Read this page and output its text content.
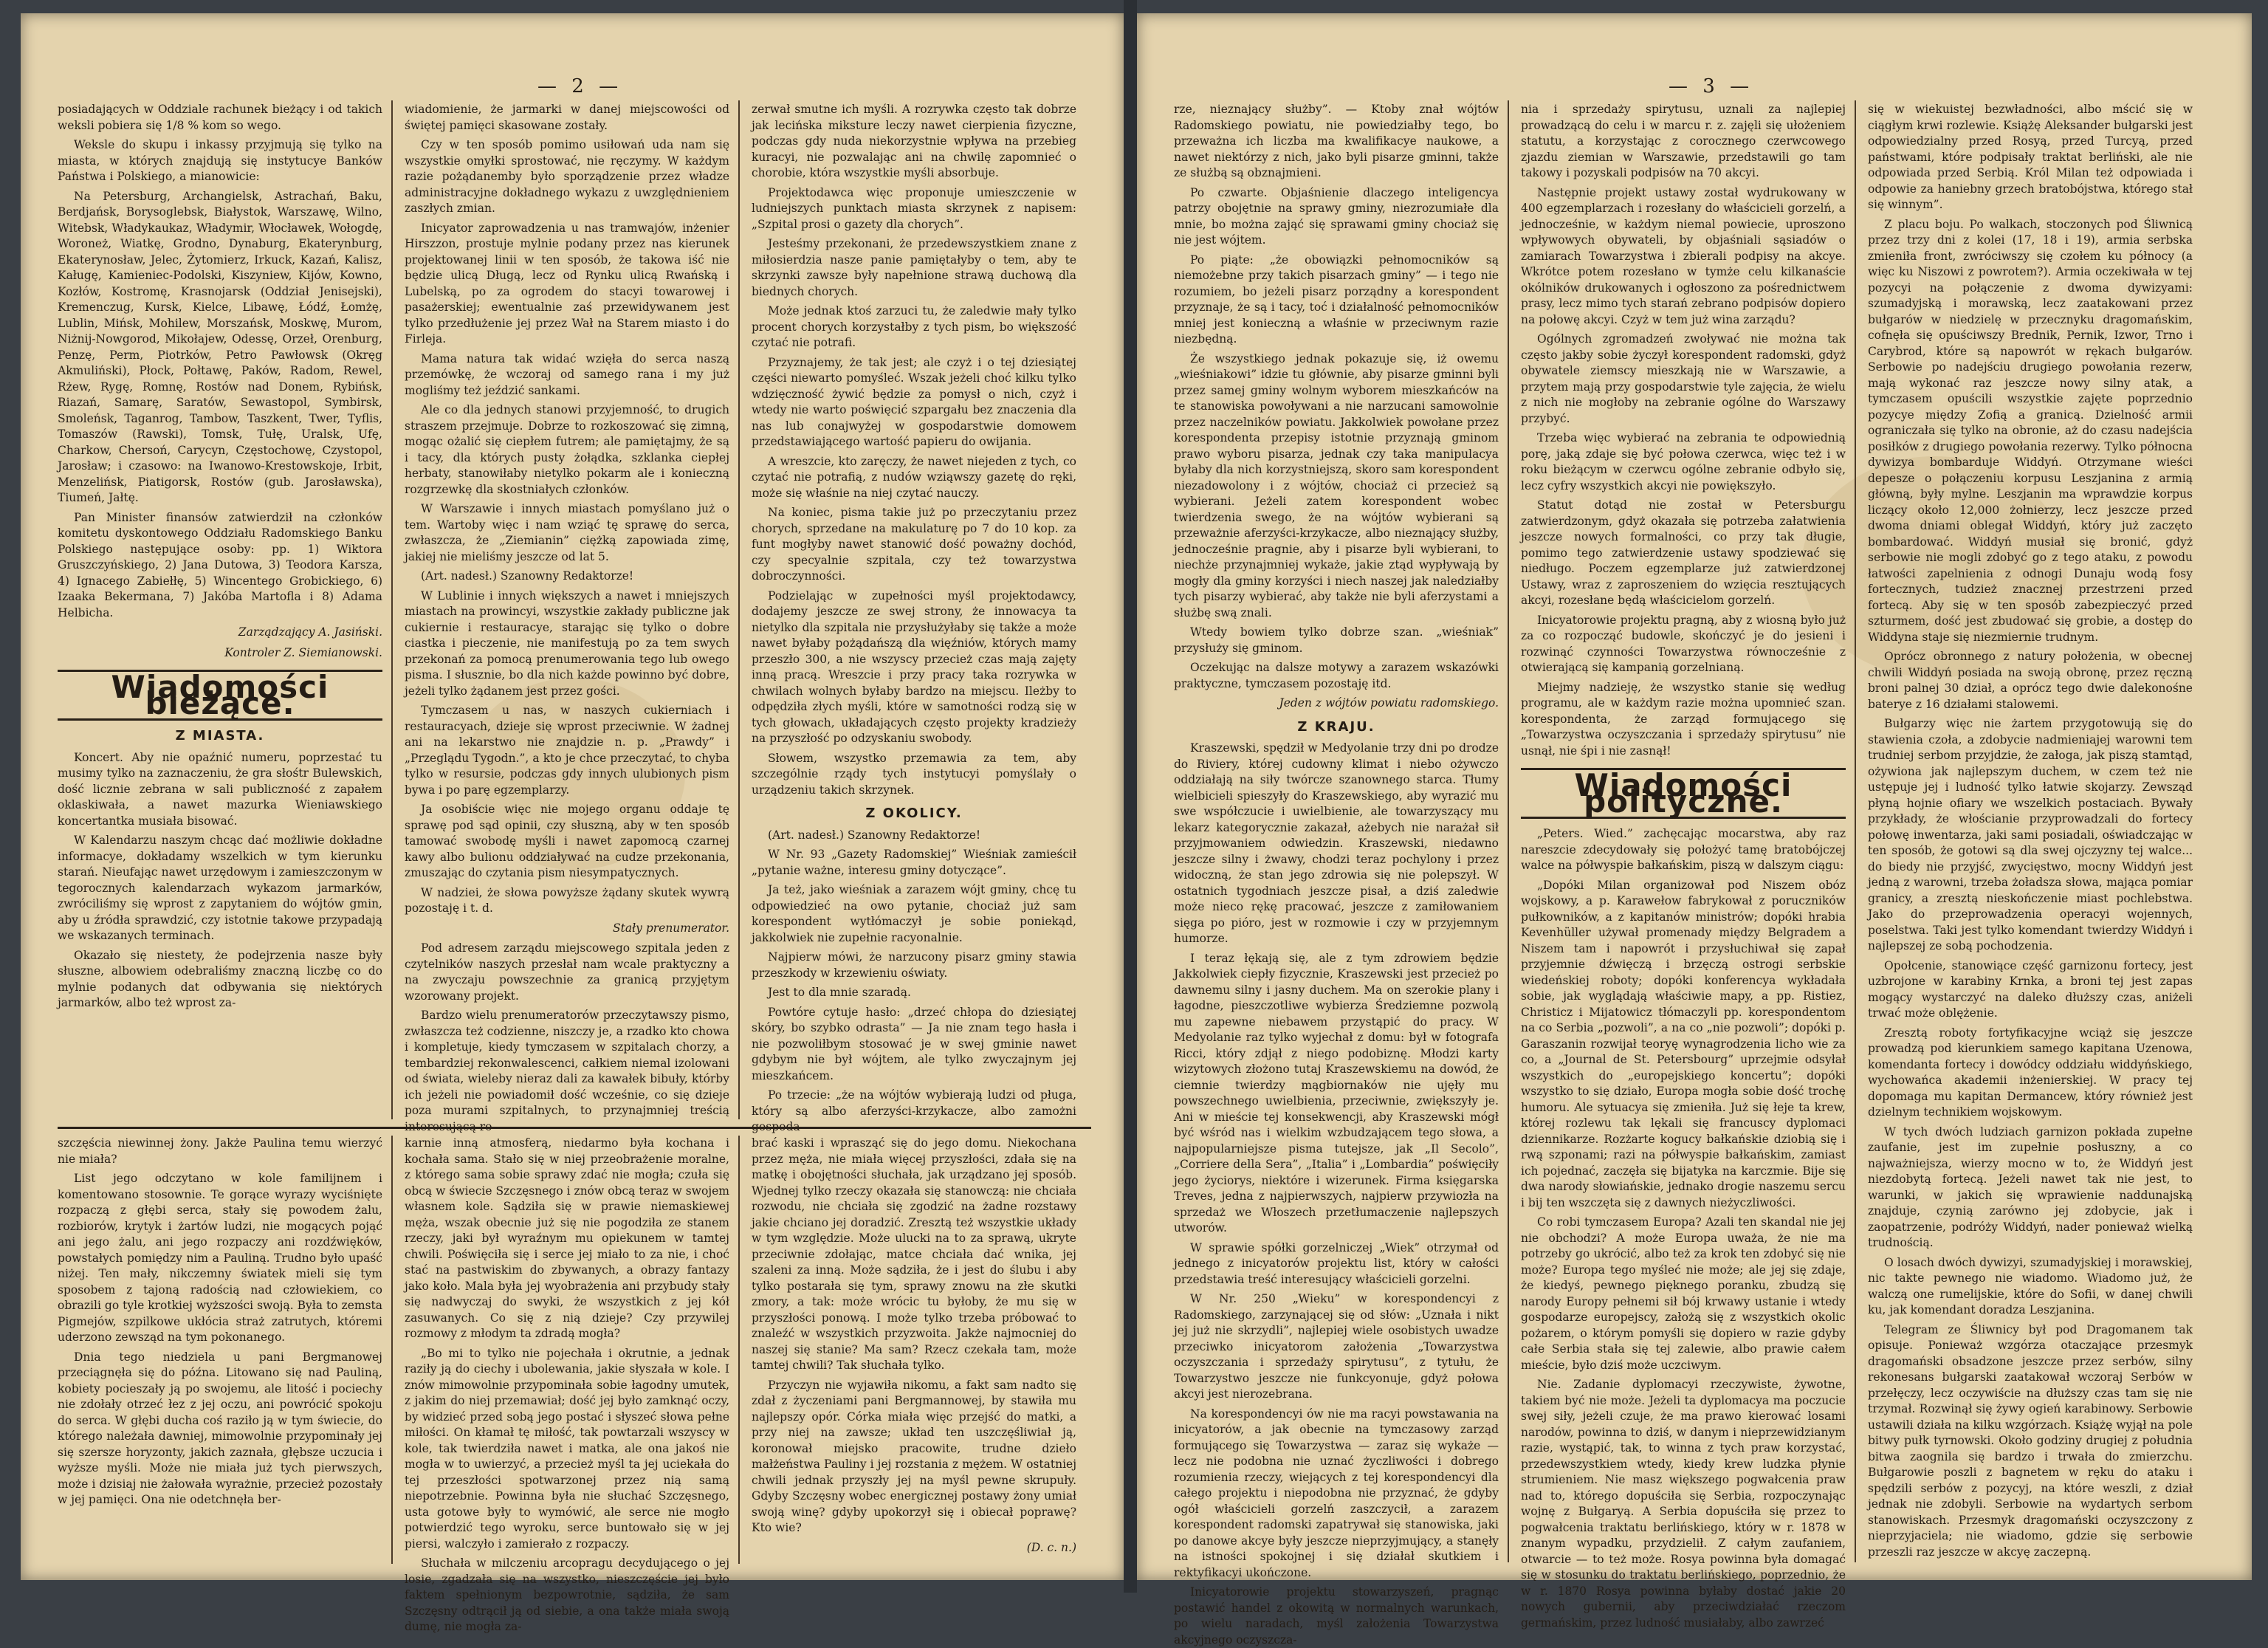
— 2 —

posiadających w Oddziale rachunek bieżący i od takich weksli pobiera się 1/8 % kom so wego.

Weksle do skupu i inkassy przyjmują się tylko na miasta, w których znajdują się instytucye Banków Państwa i Polskiego, a mianowicie:

Na Petersburg, Archangielsk, Astrachań, Baku, Berdjańsk, Borysoglebsk, Białystok, Warszawę, Wilno, Witebsk, Władykaukaz, Władymir, Włocławek, Wołogdę, Woroneż, Wiatkę, Grodno, Dynaburg, Ekaterynburg, Ekaterynosław, Jelec, Żytomierz, Irkuck, Kazań, Kalisz, Kaługę, Kamieniec-Podolski, Kiszyniew, Kijów, Kowno, Kozłów, Kostromę, Krasnojarsk (Oddział Jenisejski), Kremenczug, Kursk, Kielce, Libawę, Łódź, Łomżę, Lublin, Mińsk, Mohilew, Morszańsk, Moskwę, Murom, Niżnij-Nowgorod, Mikołajew, Odessę, Orzeł, Orenburg, Penzę, Perm, Piotrków, Petro Pawłowsk (Okręg Akmuliński), Płock, Połtawę, Paków, Radom, Rewel, Rżew, Rygę, Romnę, Rostów nad Donem, Rybińsk, Riazań, Samarę, Saratów, Sewastopol, Symbirsk, Smoleńsk, Taganrog, Tambow, Taszkent, Twer, Tyflis, Tomaszów (Rawski), Tomsk, Tułę, Uralsk, Ufę, Charkow, Chersoń, Carycyn, Częstochowę, Czystopol, Jarosław; i czasowo: na Iwanowo-Krestowskoje, Irbit, Menzelińsk, Piatigorsk, Rostów (gub. Jarosławska), Tiumeń, Jałtę.

Pan Minister finansów zatwierdził na członków komitetu dyskontowego Oddziału Radomskiego Banku Polskiego następujące osoby: pp. 1) Wiktora Gruszczyńskiego, 2) Jana Dutowa, 3) Teodora Karsza, 4) Ignacego Zabiełłę, 5) Wincentego Grobickiego, 6) Izaaka Bekermana, 7) Jakóba Martofla i 8) Adama Helbicha.

Zarządzający A. Jasiński.
Kontroler Z. Siemianowski.
Wiadomości bieżące.
Z MIASTA.

Koncert. Aby nie opaźnić numeru, poprzestać tu musimy tylko na zaznaczeniu, że gra słośtr Bulewskich, dość licznie zebrana w sali publiczność z zapałem oklaskiwała, a nawet mazurka Wieniawskiego koncertantka musiała bisować.

W Kalendarzu naszym chcąc dać możliwie dokładne informacye, dokładamy wszelkich w tym kierunku starań. Nieufając nawet urzędowym i zamieszczonym w tegorocznych kalendarzach wykazom jarmarków, zwróciliśmy się wprost z zapytaniem do wójtów gmin, aby u źródła sprawdzić, czy istotnie takowe przypadają we wskazanych terminach.

Okazało się niestety, że podejrzenia nasze były słuszne, albowiem odebraliśmy znaczną liczbę co do mylnie podanych dat odbywania się niektórych jarmarków, albo też wprost za-

wiadomienie, że jarmarki w danej miejscowości od świętej pamięci skasowane zostały.

Czy w ten sposób pomimo usiłowań uda nam się wszystkie omyłki sprostować, nie ręczymy. W każdym razie pożądanemby było sporządzenie przez władze administracyjne dokładnego wykazu z uwzględnieniem zaszłych zmian.

Inicyator zaprowadzenia u nas tramwajów, inżenier Hirszzon, prostuje mylnie podany przez nas kierunek projektowanej linii w ten sposób, że takowa iść nie będzie ulicą Długą, lecz od Rynku ulicą Rwańską i Lubelską, po za ogrodem do stacyi towarowej i pasażerskiej; ewentualnie zaś przewidywanem jest tylko przedłużenie jej przez Wał na Starem miasto i do Firleja.

Mama natura tak widać wzięła do serca naszą przemówkę, że wczoraj od samego rana i my już mogliśmy też jeździć sankami.

Ale co dla jednych stanowi przyjemność, to drugich straszem przejmuje. Dobrze to rozkoszować się zimną, mogąc ożalić się ciepłem futrem; ale pamiętajmy, że są i tacy, dla których pusty żołądka, szklanka ciepłej herbaty, stanowiłaby nietylko pokarm ale i konieczną rozgrzewkę dla skostniałych członków.

W Warszawie i innych miastach pomyślano już o tem. Wartoby więc i nam wziąć tę sprawę do serca, zwłaszcza, że „Ziemianin” ciężką zapowiada zimę, jakiej nie mieliśmy jeszcze od lat 5.

(Art. nadesł.) Szanowny Redaktorze!

W Lublinie i innych większych a nawet i mniejszych miastach na prowincyi, wszystkie zakłady publiczne jak cukiernie i restauracye, starając się tylko o dobre ciastka i pieczenie, nie manifestują po za tem swych przekonań za pomocą prenumerowania tego lub owego pisma. I słusznie, bo dla nich każde powinno być dobre, jeżeli tylko żądanem jest przez gości.

Tymczasem u nas, w naszych cukierniach i restauracyach, dzieje się wprost przeciwnie. W żadnej ani na lekarstwo nie znajdzie n. p. „Prawdy” i „Przeglądu Tygodn.”, a kto je chce przeczytać, to chyba tylko w resursie, podczas gdy innych ulubionych pism bywa i po parę egzemplarzy.

Ja osobiście więc nie mojego organu oddaje tę sprawę pod sąd opinii, czy słuszną, aby w ten sposób tamować swobodę myśli i nawet zapomocą czarnej kawy albo bulionu oddziaływać na cudze przekonania, zmuszając do czytania pism niesympatycznych.

W nadziei, że słowa powyższe żądany skutek wywrą pozostaję i t. d.

Stały prenumerator.

Pod adresem zarządu miejscowego szpitala jeden z czytelników naszych przesłał nam wcale praktyczny a na zwyczaju powszechnie za granicą przyjętym wzorowany projekt.

Bardzo wielu prenumeratorów przeczytawszy pismo, zwłaszcza też codzienne, niszczy je, a rzadko kto chowa i kompletuje, kiedy tymczasem w szpitalach chorzy, a tembardziej rekonwalescenci, całkiem niemal izolowani od świata, wieleby nieraz dali za kawałek bibuły, którby ich jeżeli nie powiadomił dość wcześnie, co się dzieje poza murami szpitalnych, to przynajmniej treścią

zerwał smutne ich myśli. A rozrywka często tak dobrze jak lecińska miksture leczy nawet cierpienia fizyczne, podczas gdy nuda niekorzystnie wpływa na przebieg kuracyi, nie pozwalając ani na chwilę zapomnieć o chorobie, która wszystkie myśli absorbuje.

Projektodawca więc proponuje umieszczenie w ludniejszych punktach miasta skrzynek z napisem: „Szpital prosi o gazety dla chorych”.

Jesteśmy przekonani, że przedewszystkiem znane z miłosierdzia nasze panie pamiętałyby o tem, aby te skrzynki zawsze były napełnione strawą duchową dla biednych chorych.

Może jednak ktoś zarzuci tu, że zaledwie mały tylko procent chorych korzystałby z tych pism, bo większość czytać nie potrafi.

Przyznajemy, że tak jest; ale czyż i o tej dziesiątej części niewarto pomyśleć. Wszak jeżeli choć kilku tylko wdzięczność żywić będzie za pomysł o nich, czyż i wtedy nie warto poświęcić szpargału bez znaczenia dla nas lub conajwyżej w gospodarstwie domowem przedstawiającego wartość papieru do owijania.

A wreszcie, kto zaręczy, że nawet niejeden z tych, co czytać nie potrafią, z nudów wziąwszy gazetę do ręki, może się właśnie na niej czytać nauczy.

Na koniec, pisma takie już po przeczytaniu przez chorych, sprzedane na makulaturę po 7 do 10 kop. za funt mogłyby nawet stanowić dość poważny dochód, czy specyalnie szpitala, czy też towarzystwa dobroczynności.

Podzielając w zupełności myśl projektodawcy, dodajemy jeszcze ze swej strony, że innowacya ta nietylko dla szpitala nie przysłużyłaby się także a może nawet byłaby pożądańszą dla więźniów, których mamy przeszło 300, a nie wszyscy przecież czas mają zajęty inną pracą. Wreszcie i przy pracy taka rozrywka w chwilach wolnych byłaby bardzo na miejscu. Ileżby to odpędziła złych myśli, które w samotności rodzą się w tych głowach, układających często projekty kradzieży na przyszłość po odzyskaniu swobody.

Słowem, wszystko przemawia za tem, aby szczególnie rządy tych instytucyi pomyślały o urządzeniu takich skrzynek.

Z OKOLICY.

(Art. nadesł.) Szanowny Redaktorze!

W Nr. 93 „Gazety Radomskiej” Wieśniak zamieścił „pytanie ważne, interesu gminy dotyczące”.

Ja też, jako wieśniak a zarazem wójt gminy, chcę tu odpowiedzieć na owo pytanie, chociaż już sam korespondent wytłómaczył je sobie poniekąd, jakkolwiek nie zupełnie racyonalnie.

Najpierw mówi, że narzucony pisarz gminy stawia przeszkody w krzewieniu oświaty.

Jest to dla mnie szaradą.

Powtóre cytuje hasło: „drzeć chłopa do dziesiątej skóry, bo szybko odrasta” — Ja nie znam tego hasła i nie pozwoliłbym stosować je w swej gminie nawet gdybym nie był wójtem, ale tylko zwyczajnym jej mieszkańcem.

Po trzecie: „że na wójtów wybierają ludzi od pługa, który są albo aferzyści-krzykacze, albo zamożni

szczęścia niewinnej żony. Jakże Paulina temu wierzyć nie miała?

List jego odczytano w kole familijnem i komentowano stosownie. Te gorące wyrazy wyciśnięte rozpaczą z głębi serca, stały się powodem żalu, rozbiorów, krytyk i żartów ludzi, nie mogących pojąć ani jego żalu, ani jego rozpaczy ani rozdźwięków, powstałych pomiędzy nim a Pauliną. Trudno było upaść niżej. Ten mały, nikczemny światek mieli się tym sposobem z tajoną radością nad człowiekiem, co obrazili go tyle krotkiej wyższości swoją. Była to zemsta Pigmejów, szpilkowe ukłócia straż zatrutych, któremi uderzono zewsząd na tym pokonanego.

Dnia tego niedziela u pani Bergmanowej przeciągnęła się do późna. Litowano się nad Pauliną, kobiety pocieszały ją po swojemu, ale litość i pociechy nie zdołały otrzeć łez z jej oczu, ani powrócić spokoju do serca. W głębi ducha coś raziło ją w tym świecie, do którego należała dawniej, mimowolnie przypominały jej się szersze horyzonty, jakich zaznała, głębsze uczucia i wyższe myśli. Może nie miała już tych pierwszych, może i dzisiaj nie żałowała wyrażnie, przecież pozostały w jej pamięci. Ona nie odetchnęła ber-

karnie inną atmosferą, niedarmo była kochana i kochała sama. Stało się w niej przeobrażenie moralne, z którego sama sobie sprawy zdać nie mogła; czuła się obcą w świecie Szczęsnego i znów obcą teraz w swojem własnem kole. Sądziła się w prawie niemaskiewej męża, wszak obecnie już się nie pogodziła ze stanem rzeczy, jaki był wyraźnym mu opiekunem w tamtej chwili. Poświęciła się i serce jej miało to za nie, i choć stać na pastwiskim do zbywanych, a obrazy fantazy jako koło. Mala była jej wyobrażenia ani przybudy stały się nadwyczaj do swyki, że wszystkich z jej kół zasuwanych. Co się z nią dzieje? Czy przywilej rozmowy z młodym ta zdradą mogła?

„Bo mi to tylko nie pojechała i okrutnie, a jednak raziły ją do ciechy i ubolewania, jakie słyszała w kole. I znów mimowolnie przypominała sobie łagodny umutek, z jakim do niej przemawiał; dość jej było zamknąć oczy, by widzieć przed sobą jego postać i słyszeć słowa pełne miłości. On kłamał tę miłość, tak powtarzali wszyscy w kole, tak twierdziła nawet i matka, ale ona jakoś nie mogła w to uwierzyć, a przecież myśl ta jej uciekała do tej przeszłości spotwarzonej przez nią samą niepotrzebnie. Powinna była nie słuchać Szczęsnego, usta gotowe były to wymówić, ale serce nie mogło potwierdzić tego wyroku, serce buntowało się w jej piersi, walczyło i zamierało z rozpaczy.

Słuchała w milczeniu arcopragu decydującego o jej losie, zgadzała się na wszystko, nieszczęście jej było faktem spełnionym bezpowrotnie, sądziła, że sam Szczęsny odtrącił ją od siebie, a ona także miała swoją dumę, nie mogła za-

brać kaski i wprasząć się do jego domu. Niekochana przez męża, nie miała więcej przyszłości, zdała się na matkę i obojętności słuchała, jak urządzano jej sposób. Wjednej tylko rzeczy okazała się stanowczą: nie chciała rozwodu, nie chciała się zgodzić na żadne rozstawy jakie chciano jej doradzić. Zresztą też wszystkie układy w tym względzie. Może ulucki na to za sprawą, ukryte przeciwnie zdołając, matce chciała dać wnika, jej szaleni za inną. Może sądziła, że i jest do ślubu i aby tylko postarała się tym, sprawy znowu na złe skutki zmory, a tak: może wrócic tu byłoby, że mu się w przyszłości ponową. I może tylko trzeba próbować to znaleźć w wszystkich przyzwoita. Jakże najmocniej do naszej się stanie? Ma sam? Rzecz czekała tam, może tamtej chwili? Tak słuchała tylko.

Przyczyn nie wyjawiła nikomu, a fakt sam nadto się zdał z życzeniami pani Bergmannowej, by stawiła mu najlepszy opór. Córka miała więc przejść do matki, a przy niej na zawsze; układ ten uszczęśliwiał ją, koronował miejsko pracowite, trudne dzieło małżeństwa Pauliny i jej rozstania z mężem. W ostatniej chwili jednak przyszły jej na myśl pewne skrupuły. Gdyby Szczęsny wobec energicznej postawy żony umiał swoją winę? gdyby upokorzył się i obiecał poprawę? Kto wie?

(D. c. n.)
— 3 —

rze, nieznający służby”. — Ktoby znał wójtów Radomskiego powiatu, nie powiedziałby tego, bo przeważna ich liczba ma kwalifikacye naukowe, a nawet niektórzy z nich, jako byli pisarze gminni, także ze służbą są obznajmieni.

Po czwarte. Objaśnienie dlaczego inteligencya patrzy obojętnie na sprawy gminy, niezrozumiałe dla mnie, bo można zająć się sprawami gminy chociaż się nie jest wójtem.

Po piąte: „że obowiązki pełnomocników są niemożebne przy takich pisarzach gminy” — i tego nie rozumiem, bo jeżeli pisarz porządny a korespondent przyznaje, że są i tacy, toć i działalność pełnomocników mniej jest konieczną a właśnie w przeciwnym razie niezbędną.

Że wszystkiego jednak pokazuje się, iż owemu „wieśniakowi” idzie tu głównie, aby pisarze gminni byli przez samej gminy wolnym wyborem mieszkańców na te stanowiska powoływani a nie narzucani samowolnie przez naczelników powiatu. Jakkolwiek powołane przez korespondenta przepisy istotnie przyznają gminom prawo wyboru pisarza, jednak czy taka manipulacya byłaby dla nich korzystniejszą, skoro sam korespondent niezadowolony i z wójtów, chociaż ci przecież są wybierani. Jeżeli zatem korespondent wobec twierdzenia swego, że na wójtów wybierani są przeważnie aferzyści-krzykacze, albo nieznający służby, jednocześnie pragnie, aby i pisarze byli wybierani, to niechże przynajmniej wykaże, jakie ztąd wypływają by mogły dla gminy korzyści i niech naszej jak naledziałby tych pisarzy wybierać, aby także nie byli aferzystami a służbę swą znali.

Wtedy bowiem tylko dobrze szan. „wieśniak” przysłuży się gminom.

Oczekując na dalsze motywy a zarazem wskazówki praktyczne, tymczasem pozostaję itd.

Jeden z wójtów powiatu radomskiego.
Z KRAJU.

Kraszewski, spędził w Medyolanie trzy dni po drodze do Riviery, której cudowny klimat i niebo ożywczo oddziałają na siły twórcze szanownego starca. Tłumy wielbicieli spieszyły do Kraszewskiego, aby wyrazić mu swe współczucie i uwielbienie, ale towarzyszący mu lekarz kategorycznie zakazał, ażebych nie narażał sił przyjmowaniem odwiedzin. Kraszewski, niedawno jeszcze silny i żwawy, chodzi teraz pochylony i przez widoczną, że stan jego zdrowia się nie polepszył. W ostatnich tygodniach jeszcze pisał, a dziś zaledwie może nieco rękę pracować, jeszcze z zamiłowaniem sięga po pióro, jest w rozmowie i czy w przyjemnym humorze.

I teraz łękają się, ale z tym zdrowiem będzie Jakkolwiek ciepły fizycznie, Kraszewski jest przecież po dawnemu silny i jasny duchem. Ma on szerokie plany i łagodne, pieszczotliwe wybierza Średziemne pozwolą mu zapewne niebawem przystąpić do pracy. W Medyolanie raz tylko wyjechał z domu: był w fotografa Ricci, który zdjął z niego podobiznę. Młodzi karty wizytowych złożono tutaj Kraszewskiemu na dowód, że ciemnie twierdzy mągbiornaków nie ujęły mu powszechnego uwielbienia, przeciwnie, zwiększyły je. Ani w mieście tej konsekwencji, aby Kraszewski mógł być wśród nas i wielkim wzbudzającem tego słowa, a najpopularniejsze pisma tutejsze, jak „Il Secolo”, „Corriere della Sera”, „Italia” i „Lombardia” poświęciły jego życiorys, niektóre i wizerunek. Firma księgarska Treves, jedna z najpierwszych, najpierw przywiozła na sprzedaż we Włoszech przetłumaczenie najlepszych utworów.

W sprawie spółki gorzelniczej „Wiek” otrzymał od jednego z inicyatorów projektu list, który w całości przedstawia treść interesujący właścicieli gorzelni.

W Nr. 250 „Wieku” w korespondencyi z Radomskiego, zarzynającej się od słów: „Uznała i nikt jej już nie skrzydli”, najlepiej wiele osobistych uwadze przeciwko inicyatorom założenia „Towarzystwa oczyszczania i sprzedaży spirytusu”, z tytułu, że Towarzystwo jeszcze nie funkcyonuje, gdyż połowa akcyi jest nierozebrana.

Na korespondencyi ów nie ma racyi powstawania na inicyatorów, a jak obecnie na tymczasowy zarząd formującego się Towarzystwa — zaraz się wykaże — lecz nie podobna nie uznać życzliwości i dobrego rozumienia rzeczy, wiejących z tej korespondencyi dla całego projektu i niepodobna nie przyznać, że gdyby ogół właścicieli gorzelń zaszczycił, a zarazem korespondent radomski zapatrywał się stanowiska, jaki po danowe akcye były jeszcze nieprzyjmujący, a stanęły na istności spokojnej i się działał skutkiem i rektyfikacyi ukończone.

Inicyatorowie projektu stowarzyszeń, pragnąc postawić handel z okowitą w normalnych warunkach, po wielu naradach, myśl założenia Towarzystwa akcyjnego oczyszcza-

nia i sprzedaży spirytusu, uznali za najlepiej prowadzącą do celu i w marcu r. z. zajęli się ułożeniem statutu, a korzystając z corocznego czerwcowego zjazdu ziemian w Warszawie, przedstawili go tam takowy i pozyskali podpisów na 70 akcyi.

Następnie projekt ustawy został wydrukowany w 400 egzemplarzach i rozesłany do właścicieli gorzelń, a jednocześnie, w każdym niemal powiecie, uproszono wpływowych obywateli, by objaśniali sąsiadów o zamiarach Towarzystwa i zbierali podpisy na akcye. Wkrótce potem rozesłano w tymże celu kilkanaście okólników drukowanych i ogłoszono za pośrednictwem prasy, lecz mimo tych starań zebrano podpisów dopiero na połowę akcyi. Czyż w tem już wina zarządu?

Ogólnych zgromadzeń zwoływać nie można tak często jakby sobie życzył korespondent radomski, gdyż obywatele ziemscy mieszkają nie w Warszawie, a przytem mają przy gospodarstwie tyle zajęcia, że wielu z nich nie mogłoby na zebranie ogólne do Warszawy przybyć.

Trzeba więc wybierać na zebrania te odpowiednią porę, jaką zdaje się być połowa czerwca, więc też i w roku bieżącym w czerwcu ogólne zebranie odbyło się, lecz cyfry wszystkich akcyi nie powiększyło.

Statut dotąd nie został w Petersburgu zatwierdzonym, gdyż okazała się potrzeba załatwienia jeszcze nowych formalności, co przy tak długie, pomimo tego zatwierdzenie ustawy spodziewać się niedługo. Poczem egzemplarze już zatwierdzonej Ustawy, wraz z zaproszeniem do wzięcia resztujących akcyi, rozesłane będą właścicielom gorzelń.

Inicyatorowie projektu pragną, aby z wiosną było już za co rozpocząć budowle, skończyć je do jesieni i rozwinąć czynności Towarzystwa równocześnie z otwierającą się kampanią gorzelnianą.

Miejmy nadzieję, że wszystko stanie się według programu, ale w każdym razie można upomnieć szan. korespondenta, że zarząd formującego się „Towarzystwa oczyszczania i sprzedaży spirytusu” nie usnął, nie śpi i nie zasnął!

Wiadomości polityczne.

„Peters. Wied.” zachęcając mocarstwa, aby raz nareszcie zdecydowały się położyć tamę bratobójczej walce na półwyspie bałkańskim, piszą w dalszym ciągu:

„Dopóki Milan organizował pod Niszem obóz wojskowy, a p. Karawełow fabrykował z poruczników pułkowników, a z kapitanów ministrów; dopóki hrabia Kevenhüller używał promenady między Belgradem a Niszem tam i napowrót i przysłuchiwał się zapał przyjemnie dźwięczą i brzęczą ostrogi serbskie wiedeńskiej roboty; dopóki konferencya wykładała sobie, jak wyglądają właściwie mapy, a pp. Ristiez, Christicz i Mijatowicz tłómaczyli pp. korespondentom na co Serbia „pozwoli”, a na co „nie pozwoli”; dopóki p. Garaszanin rozwijał teoryę wynagrodzenia licho wie za co, a „Journal de St. Petersbourg” uprzejmie odsyłał wszystkich do „europejskiego koncertu”; dopóki wszystko to się działo, Europa mogła sobie dość trochę humoru. Ale sytuacya się zmieniła. Już się łeje ta krew, której rozlewu tak lękali się francuscy dyplomaci dziennikarze. Rozżarte kogucy bałkańskie dziobią się i rwą szponami; razi na półwyspie bałkańskim, zamiast ich pojednać, zaczęła się bijatyka na karczmie. Bije się dwa narody słowiańskie, jednako drogie naszemu sercu i bij ten wszczęta się z dawnych nieżyczliwości.

Co robi tymczasem Europa? Azali ten skandal nie jej nie obchodzi? A może Europa uważa, że nie ma potrzeby go ukrócić, albo też za krok ten zdobyć się nie może? Europa tego myśleć nie może; ale jej się zdaje, że kiedyś, pewnego pięknego poranku, zbudzą się narody Europy pełnemi sił bój krwawy ustanie i wtedy gospodarze europejscy, założą się z wszystkich okolic pożarem, o którym pomyśli się dopiero w razie gdyby całe Serbia stała się tej zalewie, albo prawie całem mieście, było dziś może uczciwym.

Nie. Zadanie dyplomacyi rzeczywiste, żywotne, takiem być nie może. Jeżeli ta dyplomacya ma poczucie swej siły, jeżeli czuje, że ma prawo kierować losami narodów, powinna to dziś, w danym i nieprzewidzianym razie, wystąpić, tak, to winna z tych praw korzystać, przedewszystkiem wtedy, kiedy krew ludzka płynie strumieniem. Nie masz większego pogwałcenia praw nad to, którego dopuściła się Serbia, rozpoczynając wojnę z Bułgaryą. A Serbia dopuściła się przez to pogwałcenia traktatu berlińskiego, który w r. 1878 w znanym wypadku, przydzielił. Z całym zaufaniem, otwarcie — to też może. Rosya powinna była domagać się w stosunku do traktatu berlińskiego, poprzednio, że w r. 1870 Rosya powinna byłaby dostać jakie 20 nowych gubernii, aby przeciwdziałać rzeczom germańskim, przez ludność musiałaby, albo zawrzeć

się w wiekuistej bezwładności, albo mścić się w ciągłym krwi rozlewie. Książę Aleksander bułgarski jest odpowiedzialny przed Rosyą, przed Turcyą, przed państwami, które podpisały traktat berliński, ale nie odpowiada przed Serbią. Król Milan też odpowiada i odpowie za haniebny grzech bratobójstwa, którego stał się winnym”.

Z placu boju. Po walkach, stoczonych pod Śliwnicą przez trzy dni z kolei (17, 18 i 19), armia serbska zmieniła front, zwróciwszy się czołem ku północy (a więc ku Niszowi z powrotem?). Armia oczekiwała w tej pozycyi na połączenie z dwoma dywizyami: szumadyjską i morawską, lecz zaatakowani przez bułgarów w niedzielę w przecznyku dragomańskim, cofnęła się opuściwszy Brednik, Pernik, Izwor, Trno i Carybrod, które są napowrót w rękach bułgarów. Serbowie po nadejściu drugiego powołania rezerw, mają wykonać raz jeszcze nowy silny atak, a tymczasem opuścili wszystkie zajęte poprzednio pozycye między Zofią a granicą. Dzielność armii ograniczała się tylko na obronie, aż do czasu nadejścia posiłków z drugiego powołania rezerwy. Tylko północna dywizya bombarduje Widdyń. Otrzymane wieści depesze o połączeniu korpusu Leszjanina z armią główną, były mylne. Leszjanin ma wprawdzie korpus liczący około 12,000 żołnierzy, lecz jeszcze przed dwoma dniami oblegał Widdyń, który już zaczęto bombardować. Widdyń musiał się bronić, gdyż serbowie nie mogli zdobyć go z tego ataku, z powodu łatwości zapelnienia z odnogi Dunaju wodą fosy fortecznych, tudzież znacznej przestrzeni przed fortecą. Aby się w ten sposób zabezpieczyć przed szturmem, dość jest zbudować się grobie, a dostęp do Widdyna staje się niezmiernie trudnym.

Oprócz obronnego z natury położenia, w obecnej chwili Widdyń posiada na swoją obronę, przez ręczną broni palnej 30 dział, a oprócz tego dwie dalekonośne baterye z 16 działami stalowemi.

Bułgarzy więc nie żartem przygotowują się do stawienia czoła, a zdobycie nadmieniajej warowni tem trudniej serbom przyjdzie, że załoga, jak piszą stamtąd, ożywiona jak najlepszym duchem, w czem też nie ustępuje jej i ludność tylko łatwie skojarzy. Zewsząd płyną hojnie ofiary we wszelkich postaciach. Bywały przykłady, że włościanie przyprowadzali do fortecy połowę inwentarza, jaki sami posiadali, oświadczając w ten sposób, że gotowi są dla swej ojczyzny tej walce... do biedy nie przyjść, zwycięstwo, mocny Widdyń jest jedną z warowni, trzeba żoładsza słowa, mająca pomiar granicy, a zresztą nieskończenie miast pochlebstwa. Jako do przeprowadzenia operacyi wojennych, poselstwa. Taki jest tylko komendant twierdzy Widdyń i najlepszej ze sobą pochodzenia.

Opołcenie, stanowiące część garnizonu fortecy, jest uzbrojone w karabiny Krnka, a broni tej jest zapas mogący wystarczyć na daleko dłuższy czas, aniżeli trwać może oblężenie.

Zresztą roboty fortyfikacyjne wciąż się jeszcze prowadzą pod kierunkiem samego kapitana Uzenowa, komendanta fortecy i dowódcy oddziału widdyńskiego, wychowańca akademii inżenierskiej. W pracy tej dopomaga mu kapitan Dermancew, który również jest dzielnym technikiem wojskowym.

W tych dwóch ludziach garnizon pokłada zupełne zaufanie, jest im zupełnie posłuszny, a co najważniejsza, wierzy mocno w to, że Widdyń jest niezdobytą fortecą. Jeżeli nawet tak nie jest, to warunki, w jakich się wprawienie naddunajską znajduje, czynią zarówno jej zdobycie, jak i zaopatrzenie, podróży Widdyń, nader ponieważ wielką trudnością.

O losach dwóch dywizyi, szumadyjskiej i morawskiej, nic takte pewnego nie wiadomo. Wiadomo już, że walczą one rumelijskie, które do Sofii, w danej chwili ku, jak komendant doradza Leszjanina.

Telegram ze Śliwnicy był pod Dragomanem tak opisuje. Ponieważ wzgórza otaczające przesmyk dragomański obsadzone jeszcze przez serbów, silny rekonesans bułgarski zaatakował wczoraj Serbów w przełęczy, lecz oczywiście na dłuższy czas tam się nie trzymał. Rozwinął się żywy ogień karabinowy. Serbowie ustawili działa na kilku wzgórzach. Książę wyjął na pole bitwy pułk tyrnowski. Około godziny drugiej z południa bitwa zaognila się bardzo i trwała do zmierzchu. Bułgarowie poszli z bagnetem w ręku do ataku i spędzili serbów z pozycyj, na które weszli, z dział jednak nie zdobyli. Serbowie na wydartych serbom stanowiskach. Przesmyk dragomański oczyszczony z nieprzyjaciela; nie wiadomo, gdzie się serbowie przeszli raz jeszcze w akcyę zaczepną.
